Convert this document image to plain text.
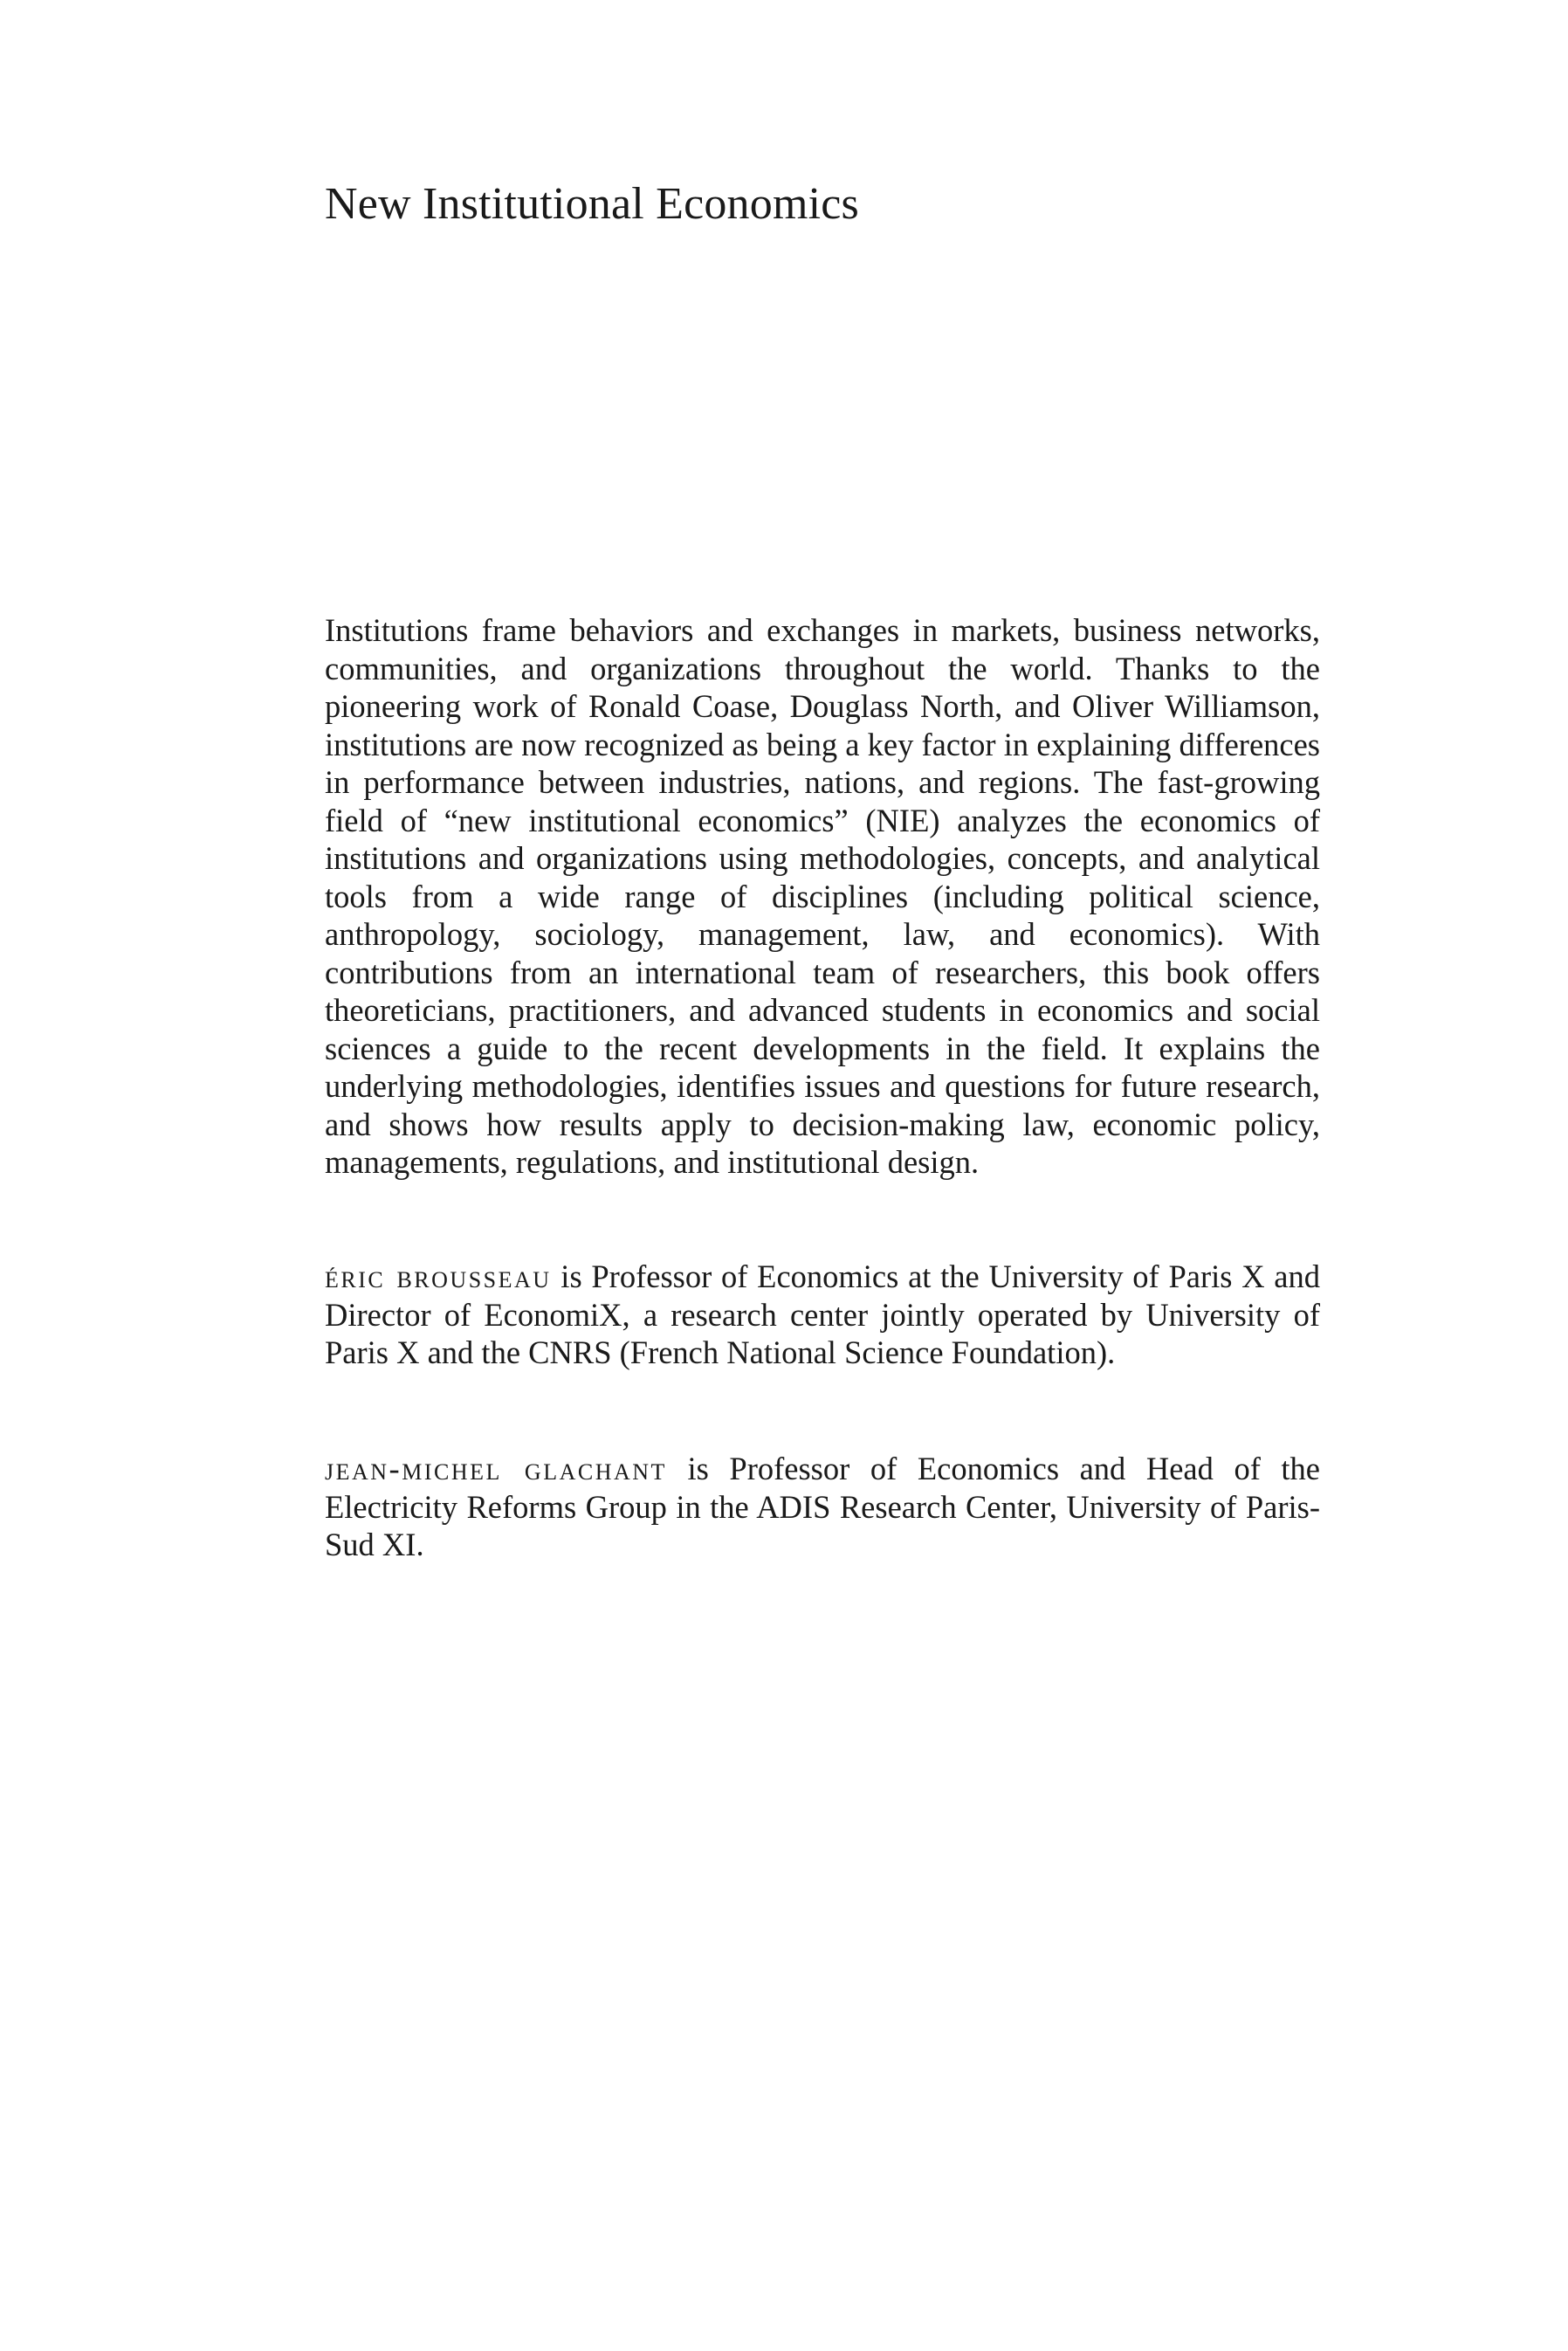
New Institutional Economics

Institutions frame behaviors and exchanges in markets, business networks, communities, and organizations throughout the world. Thanks to the pioneering work of Ronald Coase, Douglass North, and Oliver Williamson, institutions are now recognized as being a key factor in explaining differences in performance between industries, nations, and regions. The fast-growing field of “new institutional economics” (NIE) analyzes the economics of institutions and organizations using methodologies, concepts, and analytical tools from a wide range of disciplines (including political science, anthropology, sociology, management, law, and economics). With contributions from an international team of researchers, this book offers theoreticians, practitioners, and advanced students in economics and social sciences a guide to the recent developments in the field. It explains the underlying methodologies, identifies issues and questions for future research, and shows how results apply to decision-making law, economic policy, managements, regulations, and institutional design.

éric brousseau is Professor of Economics at the University of Paris X and Director of EconomiX, a research center jointly operated by University of Paris X and the CNRS (French National Science Foundation).

jean-michel glachant is Professor of Economics and Head of the Electricity Reforms Group in the ADIS Research Center, University of Paris-Sud XI.
